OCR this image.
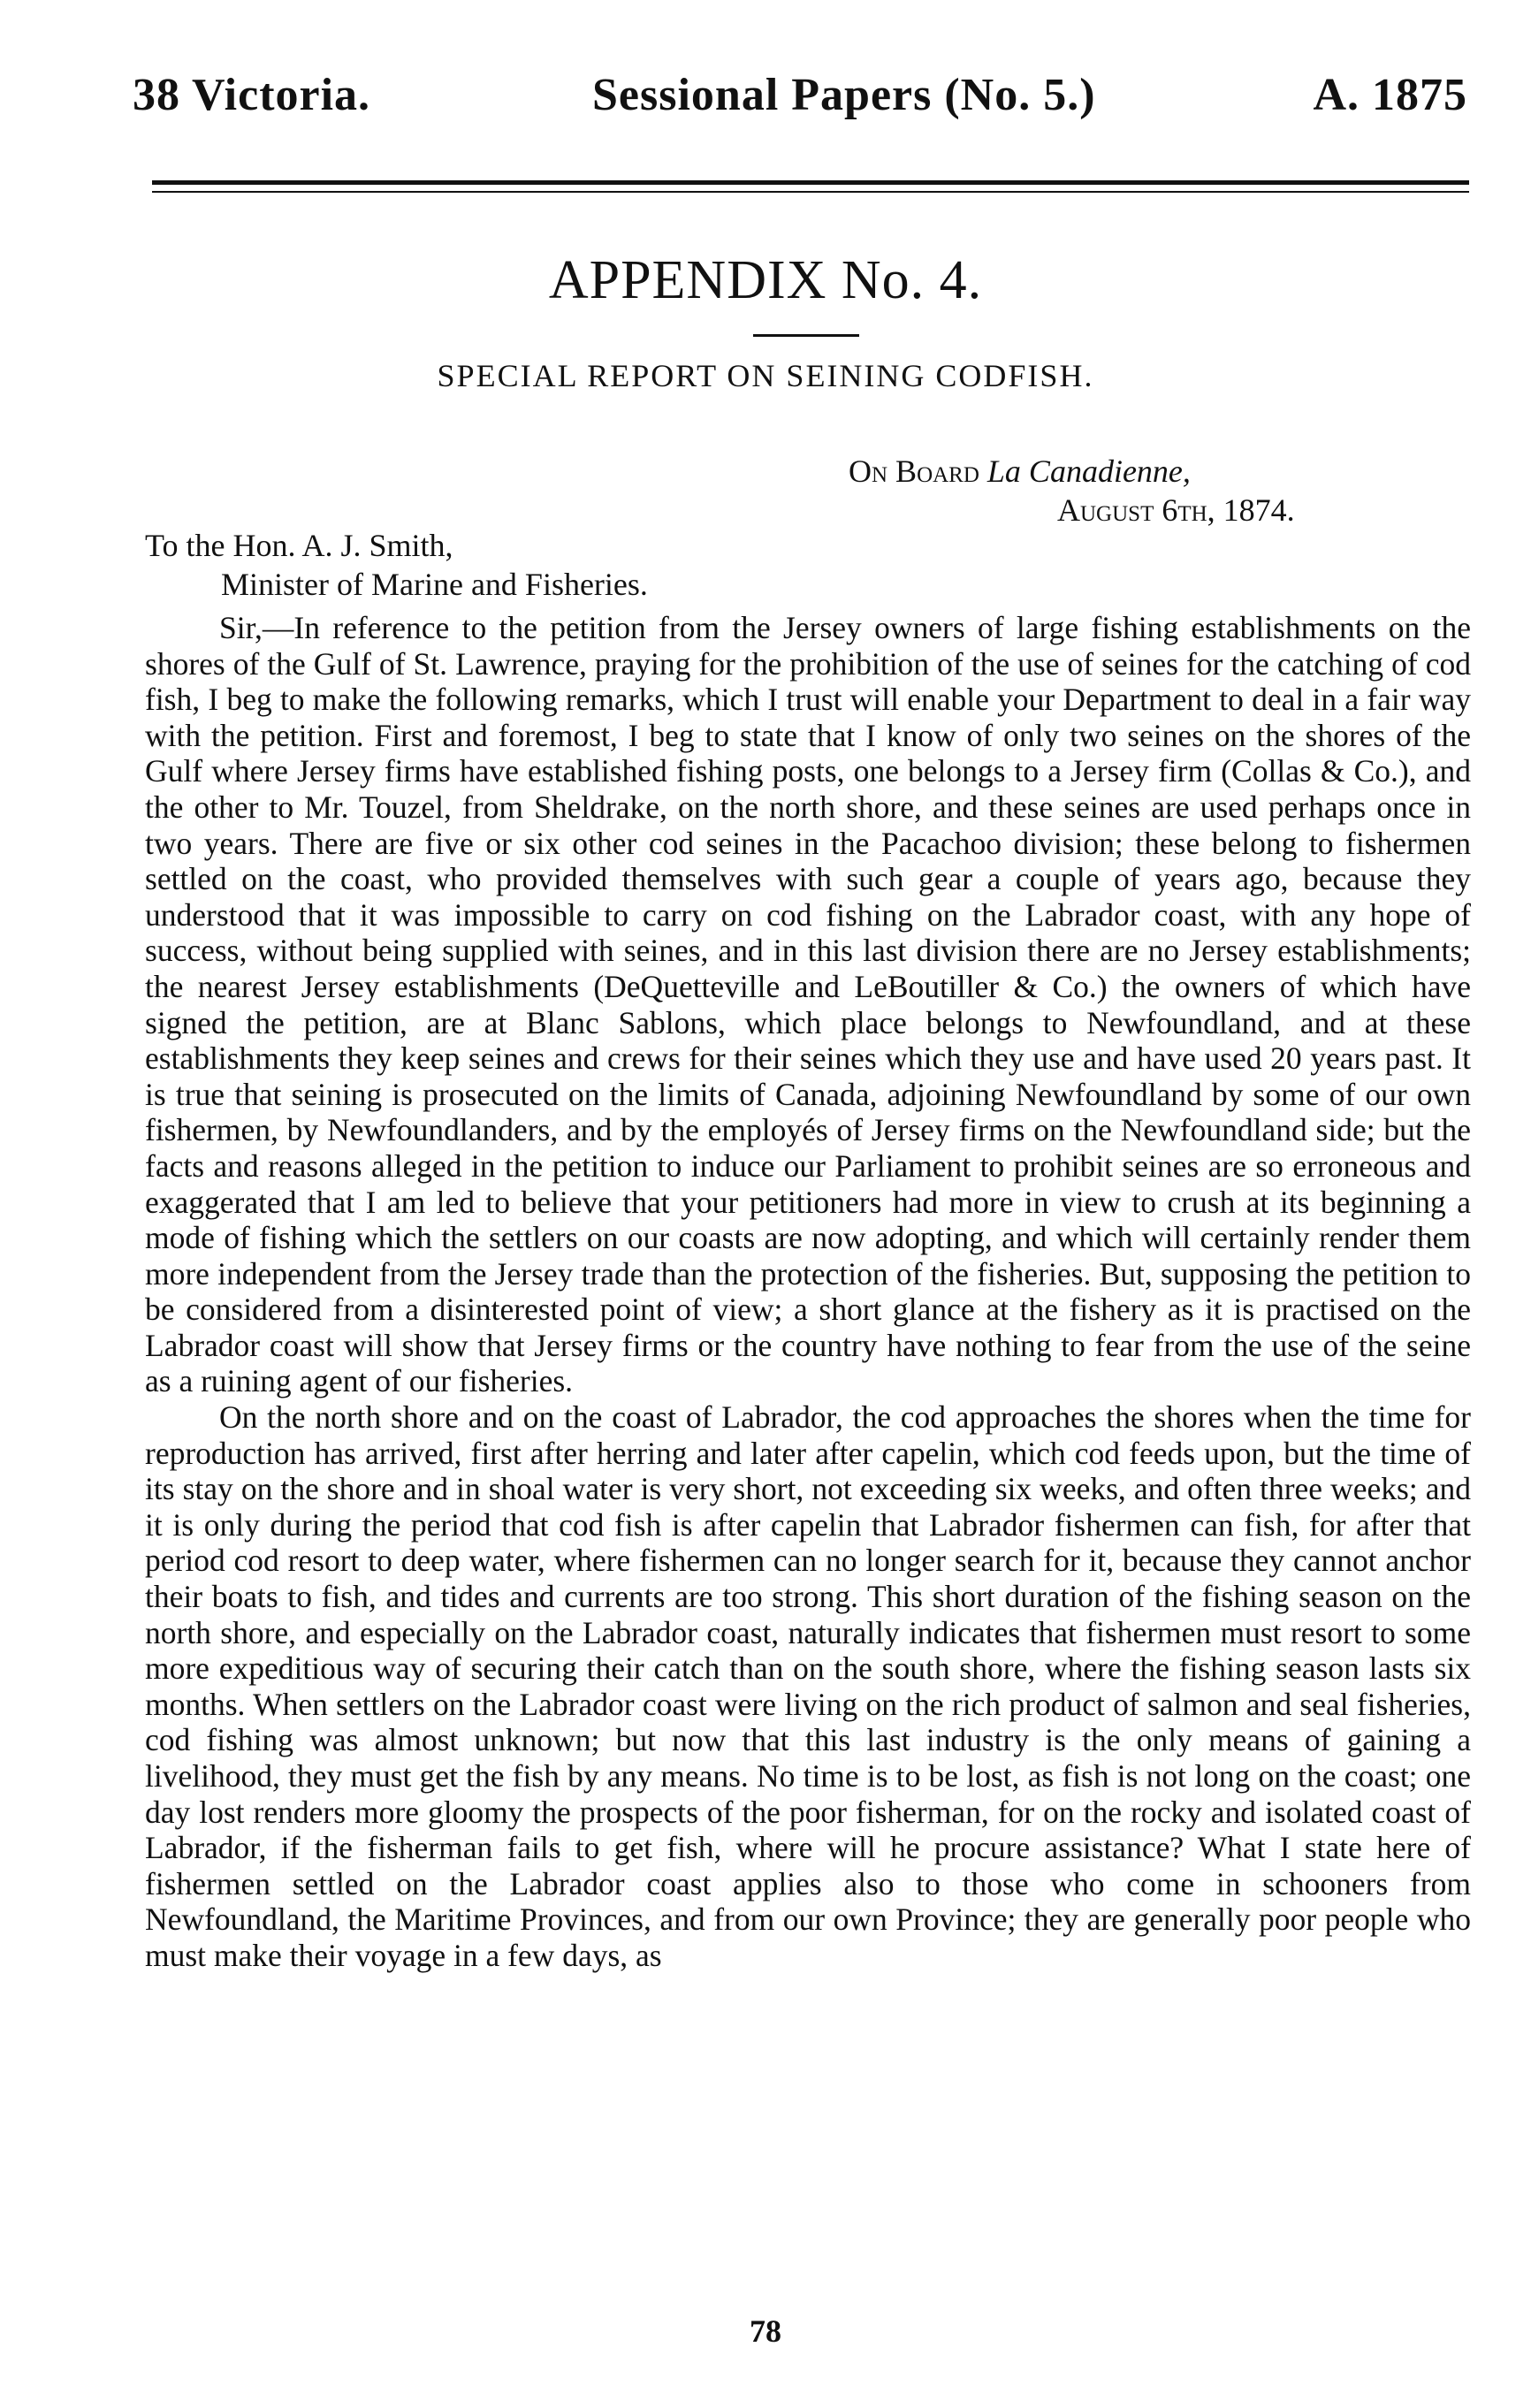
38 Victoria.	Sessional Papers (No. 5.)	A. 1875
APPENDIX No. 4.
SPECIAL REPORT ON SEINING CODFISH.
On Board La Canadienne,
August 6th, 1874.
To the Hon. A. J. Smith,
Minister of Marine and Fisheries.

Sir,—In reference to the petition from the Jersey owners of large fishing establishments on the shores of the Gulf of St. Lawrence, praying for the prohibition of the use of seines for the catching of cod fish, I beg to make the following remarks, which I trust will enable your Department to deal in a fair way with the petition. First and foremost, I beg to state that I know of only two seines on the shores of the Gulf where Jersey firms have established fishing posts, one belongs to a Jersey firm (Collas & Co.), and the other to Mr. Touzel, from Sheldrake, on the north shore, and these seines are used perhaps once in two years. There are five or six other cod seines in the Pacachoo division; these belong to fishermen settled on the coast, who provided themselves with such gear a couple of years ago, because they understood that it was impossible to carry on cod fishing on the Labrador coast, with any hope of success, without being supplied with seines, and in this last division there are no Jersey establishments; the nearest Jersey establishments (DeQuetteville and LeBoutiller & Co.) the owners of which have signed the petition, are at Blanc Sablons, which place belongs to Newfoundland, and at these establishments they keep seines and crews for their seines which they use and have used 20 years past. It is true that seining is prosecuted on the limits of Canada, adjoining Newfoundland by some of our own fishermen, by Newfoundlanders, and by the employés of Jersey firms on the Newfoundland side; but the facts and reasons alleged in the petition to induce our Parliament to prohibit seines are so erroneous and exaggerated that I am led to believe that your petitioners had more in view to crush at its beginning a mode of fishing which the settlers on our coasts are now adopting, and which will certainly render them more independent from the Jersey trade than the protection of the fisheries. But, supposing the petition to be considered from a disinterested point of view; a short glance at the fishery as it is practised on the Labrador coast will show that Jersey firms or the country have nothing to fear from the use of the seine as a ruining agent of our fisheries.

On the north shore and on the coast of Labrador, the cod approaches the shores when the time for reproduction has arrived, first after herring and later after capelin, which cod feeds upon, but the time of its stay on the shore and in shoal water is very short, not exceeding six weeks, and often three weeks; and it is only during the period that cod fish is after capelin that Labrador fishermen can fish, for after that period cod resort to deep water, where fishermen can no longer search for it, because they cannot anchor their boats to fish, and tides and currents are too strong. This short duration of the fishing season on the north shore, and especially on the Labrador coast, naturally indicates that fishermen must resort to some more expeditious way of securing their catch than on the south shore, where the fishing season lasts six months. When settlers on the Labrador coast were living on the rich product of salmon and seal fisheries, cod fishing was almost unknown; but now that this last industry is the only means of gaining a livelihood, they must get the fish by any means. No time is to be lost, as fish is not long on the coast; one day lost renders more gloomy the prospects of the poor fisherman, for on the rocky and isolated coast of Labrador, if the fisherman fails to get fish, where will he procure assistance? What I state here of fishermen settled on the Labrador coast applies also to those who come in schooners from Newfoundland, the Maritime Provinces, and from our own Province; they are generally poor people who must make their voyage in a few days, as

78
